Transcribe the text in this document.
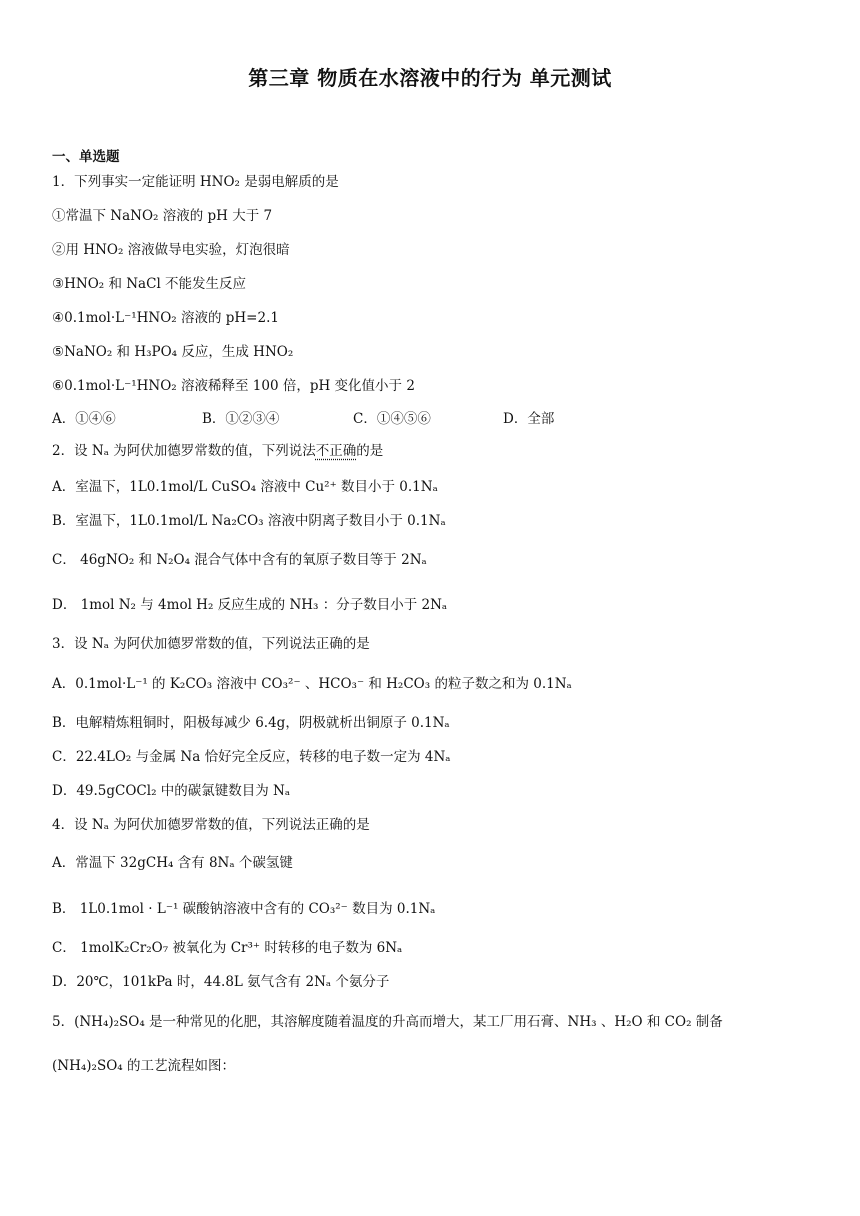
第三章 物质在水溶液中的行为 单元测试
一、单选题
1．下列事实一定能证明 HNO₂ 是弱电解质的是
①常温下 NaNO₂ 溶液的 pH 大于 7
②用 HNO₂ 溶液做导电实验，灯泡很暗
③HNO₂ 和 NaCl 不能发生反应
④0.1mol·L⁻¹HNO₂ 溶液的 pH=2.1
⑤NaNO₂ 和 H₃PO₄ 反应，生成 HNO₂
⑥0.1mol·L⁻¹HNO₂ 溶液稀释至 100 倍，pH 变化值小于 2
A．①④⑥	B．①②③④	C．①④⑤⑥	D．全部
2．设 Nₐ 为阿伏加德罗常数的值，下列说法不正确的是
A．室温下，1L0.1mol/L CuSO₄ 溶液中 Cu²⁺ 数目小于 0.1Nₐ
B．室温下，1L0.1mol/L Na₂CO₃ 溶液中阴离子数目小于 0.1Nₐ
C． 46gNO₂ 和 N₂O₄ 混合气体中含有的氧原子数目等于 2Nₐ
D． 1mol N₂ 与 4mol H₂ 反应生成的 NH₃ ：分子数目小于 2Nₐ
3．设 Nₐ 为阿伏加德罗常数的值，下列说法正确的是
A．0.1mol·L⁻¹ 的 K₂CO₃ 溶液中 CO₃²⁻ 、HCO₃⁻ 和 H₂CO₃ 的粒子数之和为 0.1Nₐ
B．电解精炼粗铜时，阳极每减少 6.4g，阴极就析出铜原子 0.1Nₐ
C．22.4LO₂ 与金属 Na 恰好完全反应，转移的电子数一定为 4Nₐ
D．49.5gCOCl₂ 中的碳氯键数目为 Nₐ
4．设 Nₐ 为阿伏加德罗常数的值，下列说法正确的是
A．常温下 32gCH₄ 含有 8Nₐ 个碳氢键
B． 1L0.1mol · L⁻¹ 碳酸钠溶液中含有的 CO₃²⁻ 数目为 0.1Nₐ
C． 1molK₂Cr₂O₇ 被氧化为 Cr³⁺ 时转移的电子数为 6Nₐ
D．20℃，101kPa 时，44.8L 氨气含有 2Nₐ 个氨分子
5．(NH₄)₂SO₄ 是一种常见的化肥，其溶解度随着温度的升高而增大，某工厂用石膏、NH₃ 、H₂O 和 CO₂ 制备
(NH₄)₂SO₄ 的工艺流程如图：
